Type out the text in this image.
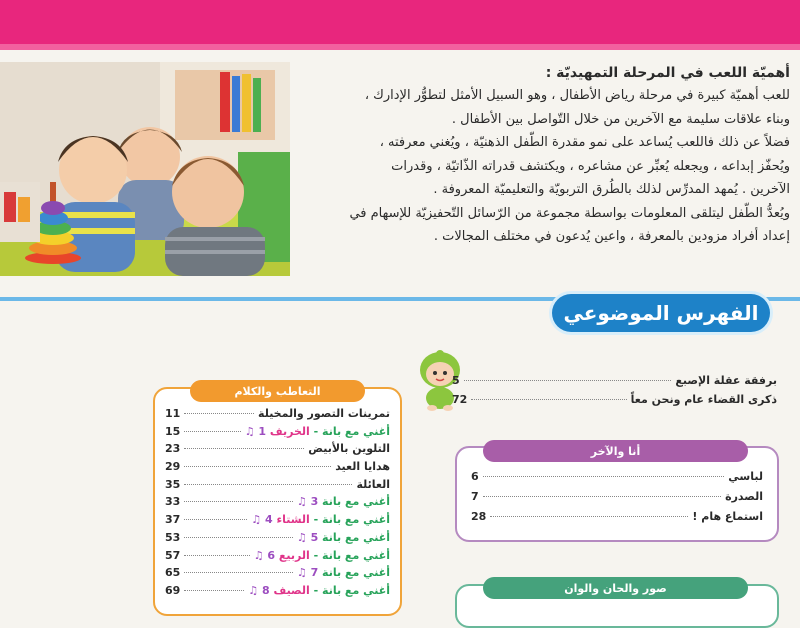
أهميّة اللعب في المرحلة التمهيديّة :

للعب أهميّة كبيرة في مرحلة رياض الأطفال ، وهو السبيل الأمثل لتطوُّر الإدارك ،

وبناء علاقات سليمة مع الآخرين من خلال التّواصل بين الأطفال .

فضلاً عن ذلك فاللعب يُساعد على نمو مقدرة الطّفل الذهنيّة ، ويُغني معرفته ،

ويُحفّز إبداعه ، ويجعله يُعبِّر عن مشاعره ، ويكتشف قدراته الذّاتيّة ، وقدرات

الآخرين . يُمهد المدرِّس لذلك بالطُرق التربويّة والتعليميّة المعروفة .

ويُعدُّ الطّفل ليتلقى المعلومات بواسطة مجموعة من الرّسائل التّحفيزيّة للإسهام في

إعداد أفراد مزودين بالمعرفة ، واعين يُدعون في مختلف المجالات .

الفهرس الموضوعي
برفقة عقلة الإصبع
5
ذكرى القضاء عام ونحن معاً
72
تمرينات التصور والمخيلة
11
أغني مع بانة - الخريف 1 ♫
15
التلوين بالأبيض
23
هدايا العيد
29
العائلة
35
أغني مع بانة 3 ♫
33
أغني مع بانة - الشتاء 4 ♫
37
أغني مع بانة 5 ♫
53
أغني مع بانة - الربيع 6 ♫
57
أغني مع بانة 7 ♫
65
أغني مع بانة - الصيف 8 ♫
69
التعاطب والكلام
لباسي
6
الصدرة
7
استماع هام !
28
أنا والآخر
صور والحان والوان
